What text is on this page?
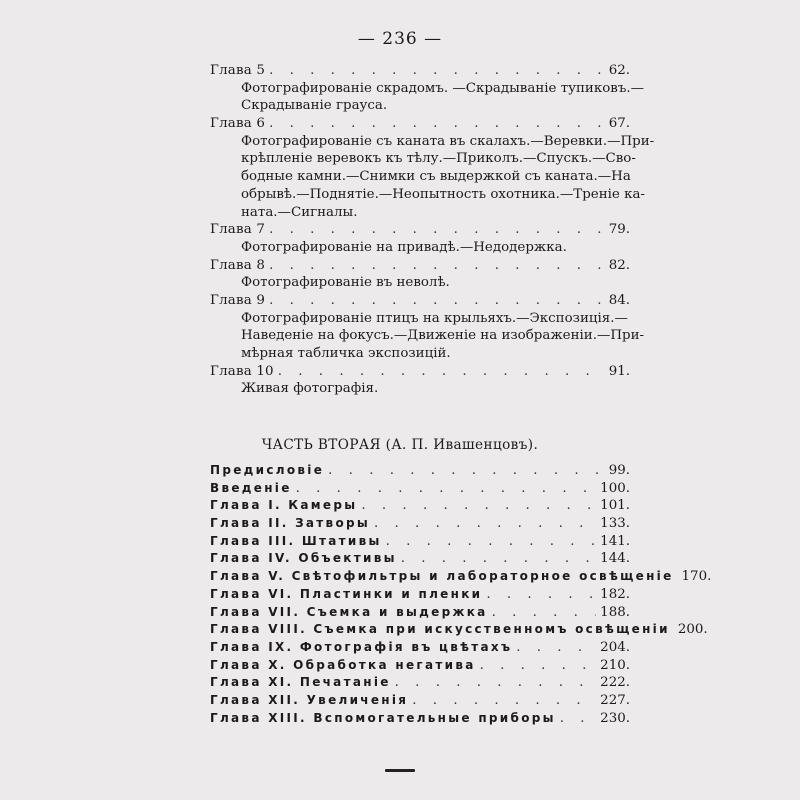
— 236 —
Глава 5 . . .	62.
Фотографированіе скрадомъ. —Скрадываніе тупиковъ.—
Скрадываніе грауса.
Глава 6 . . .	67.
Фотографированіе съ каната въ скалахъ.—Веревки.—При-
крѣпленіе веревокъ къ тѣлу.—Приколъ.—Спускъ.—Сво-
бодные камни.—Снимки съ выдержкой съ каната.—На
обрывѣ.—Поднятіе.—Неопытность охотника.—Треніе ка-
ната.—Сигналы.
Глава 7 . . .	79.
Фотографированіе на привадѣ.—Недодержка.
Глава 8 . . .	82.
Фотографированіе въ неволѣ.
Глава 9 . . .	84.
Фотографированіе птицъ на крыльяхъ.—Экспозиція.—
Наведеніе на фокусъ.—Движеніе на изображеніи.—При-
мѣрная табличка экспозицій.
Глава 10 . . .	91.
Живая фотографія.
ЧАСТЬ ВТОРАЯ (А. П. Ивашенцовъ).
Предисловіе . . .	99.
Введеніе . . .	100.
Глава I. Камеры . . .	101.
Глава II. Затворы . . .	133.
Глава III. Штативы . . .	141.
Глава IV. Объективы . . .	144.
Глава V. Свѣтофильтры и лабораторное освѣщеніе 170.
Глава VI. Пластинки и пленки . . .	182.
Глава VII. Съемка и выдержка . . .	188.
Глава VIII. Съемка при искусственномъ освѣщеніи 200.
Глава IX. Фотографія въ цвѣтахъ . . .	204.
Глава X. Обработка негатива . . .	210.
Глава XI. Печатаніе . . .	222.
Глава XII. Увеличенія . . .	227.
Глава XIII. Вспомогательные приборы . . .	230.
